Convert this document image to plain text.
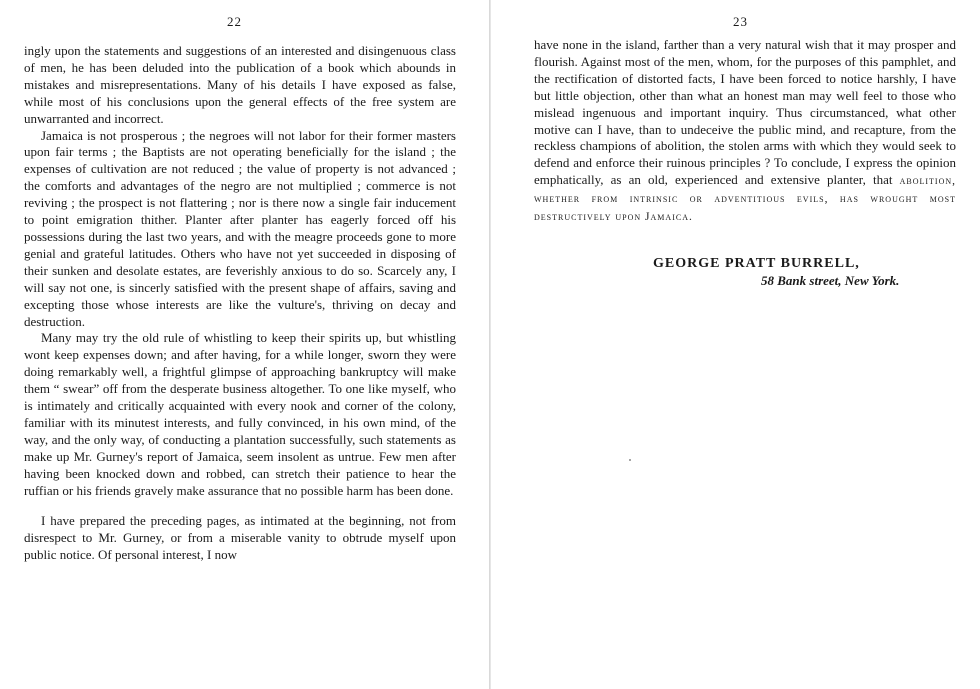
22

ingly upon the statements and suggestions of an interested and disingenuous class of men, he has been deluded into the publication of a book which abounds in mistakes and misrepresentations. Many of his details I have exposed as false, while most of his conclusions upon the general effects of the free system are unwarranted and incorrect.

Jamaica is not prosperous ; the negroes will not labor for their former masters upon fair terms ; the Baptists are not operating beneficially for the island ; the expenses of cultivation are not reduced ; the value of property is not advanced ; the comforts and advantages of the negro are not multiplied ; commerce is not reviving ; the prospect is not flattering ; nor is there now a single fair inducement to point emigration thither. Planter after planter has eagerly forced off his possessions during the last two years, and with the meagre proceeds gone to more genial and grateful latitudes. Others who have not yet succeeded in disposing of their sunken and desolate estates, are feverishly anxious to do so. Scarcely any, I will say not one, is sincerly satisfied with the present shape of affairs, saving and excepting those whose interests are like the vulture's, thriving on decay and destruction.

Many may try the old rule of whistling to keep their spirits up, but whistling wont keep expenses down; and after having, for a while longer, sworn they were doing remarkably well, a frightful glimpse of approaching bankruptcy will make them “ swear” off from the desperate business altogether. To one like myself, who is intimately and critically acquainted with every nook and corner of the colony, familiar with its minutest interests, and fully convinced, in his own mind, of the way, and the only way, of conducting a plantation successfully, such statements as make up Mr. Gurney's report of Jamaica, seem insolent as untrue. Few men after having been knocked down and robbed, can stretch their patience to hear the ruffian or his friends gravely make assurance that no possible harm has been done.

I have prepared the preceding pages, as intimated at the beginning, not from disrespect to Mr. Gurney, or from a miserable vanity to obtrude myself upon public notice. Of personal interest, I now

23

have none in the island, farther than a very natural wish that it may prosper and flourish. Against most of the men, whom, for the purposes of this pamphlet, and the rectification of distorted facts, I have been forced to notice harshly, I have but little objection, other than what an honest man may well feel to those who mislead ingenuous and important inquiry. Thus circumstanced, what other motive can I have, than to undeceive the public mind, and recapture, from the reckless champions of abolition, the stolen arms with which they would seek to defend and enforce their ruinous principles ? To conclude, I express the opinion emphatically, as an old, experienced and extensive planter, that abolition, whether from intrinsic or adventitious evils, has wrought most destructively upon Jamaica.

GEORGE PRATT BURRELL,
58 Bank street, New York.
